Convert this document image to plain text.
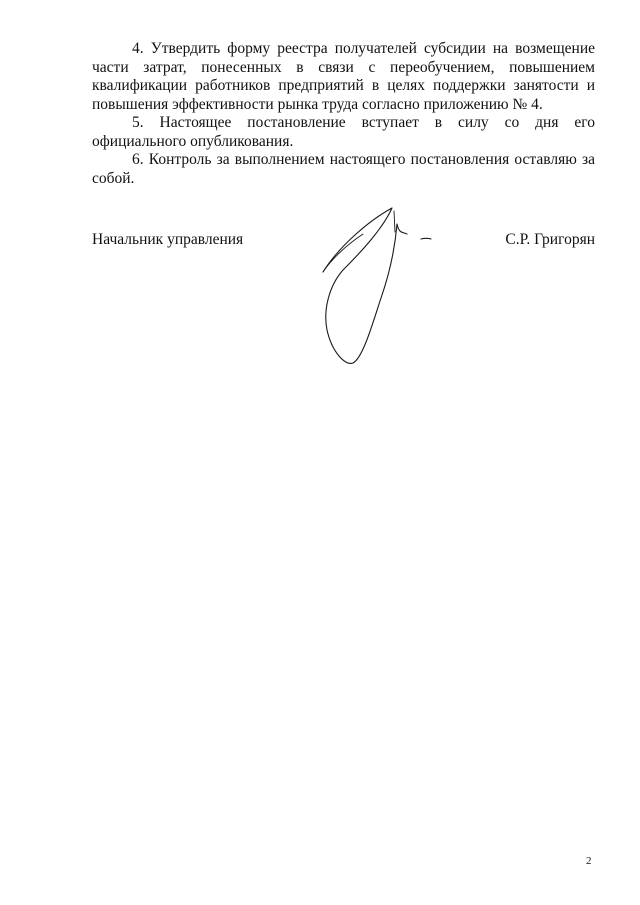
4. Утвердить форму реестра получателей субсидии на возмещение части затрат, понесенных в связи с переобучением, повышением квалификации работников предприятий в целях поддержки занятости и повышения эффективности рынка труда согласно приложению № 4.

5. Настоящее постановление вступает в силу со дня его официального опубликования.

6. Контроль за выполнением настоящего постановления оставляю за собой.

Начальник управления	С.Р. Григорян
2
